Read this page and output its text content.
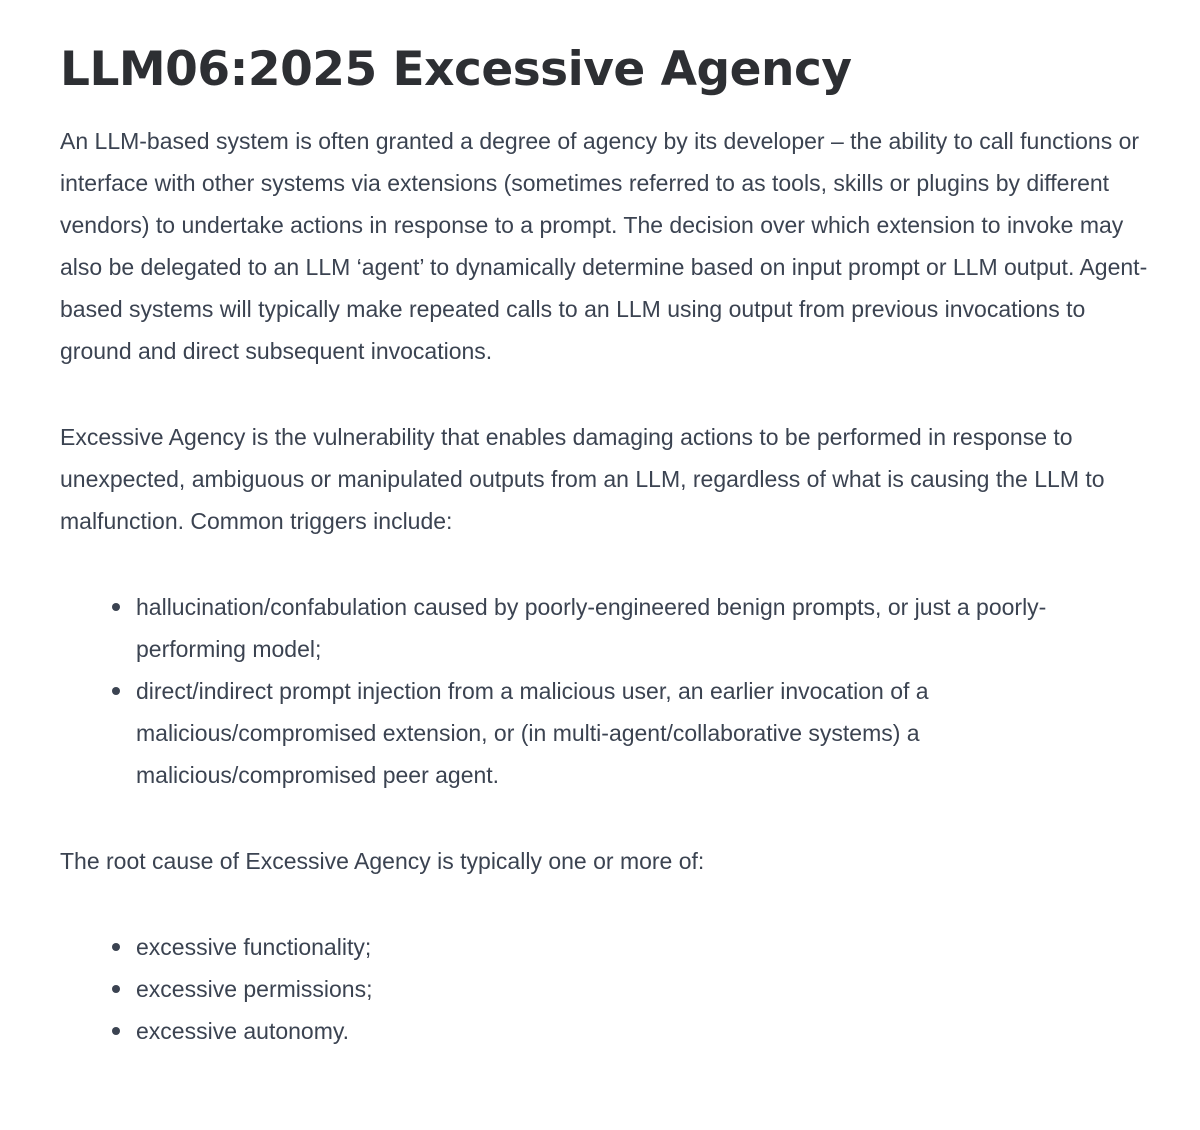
LLM06:2025 Excessive Agency

An LLM-based system is often granted a degree of agency by its developer – the ability to call functions or interface with other systems via extensions (sometimes referred to as tools, skills or plugins by different vendors) to undertake actions in response to a prompt. The decision over which extension to invoke may also be delegated to an LLM ‘agent’ to dynamically determine based on input prompt or LLM output. Agent-based systems will typically make repeated calls to an LLM using output from previous invocations to ground and direct subsequent invocations.

Excessive Agency is the vulnerability that enables damaging actions to be performed in response to unexpected, ambiguous or manipulated outputs from an LLM, regardless of what is causing the LLM to malfunction. Common triggers include:

hallucination/confabulation caused by poorly-engineered benign prompts, or just a poorly-performing model;
direct/indirect prompt injection from a malicious user, an earlier invocation of a malicious/compromised extension, or (in multi-agent/collaborative systems) a malicious/compromised peer agent.

The root cause of Excessive Agency is typically one or more of:

excessive functionality;
excessive permissions;
excessive autonomy.
